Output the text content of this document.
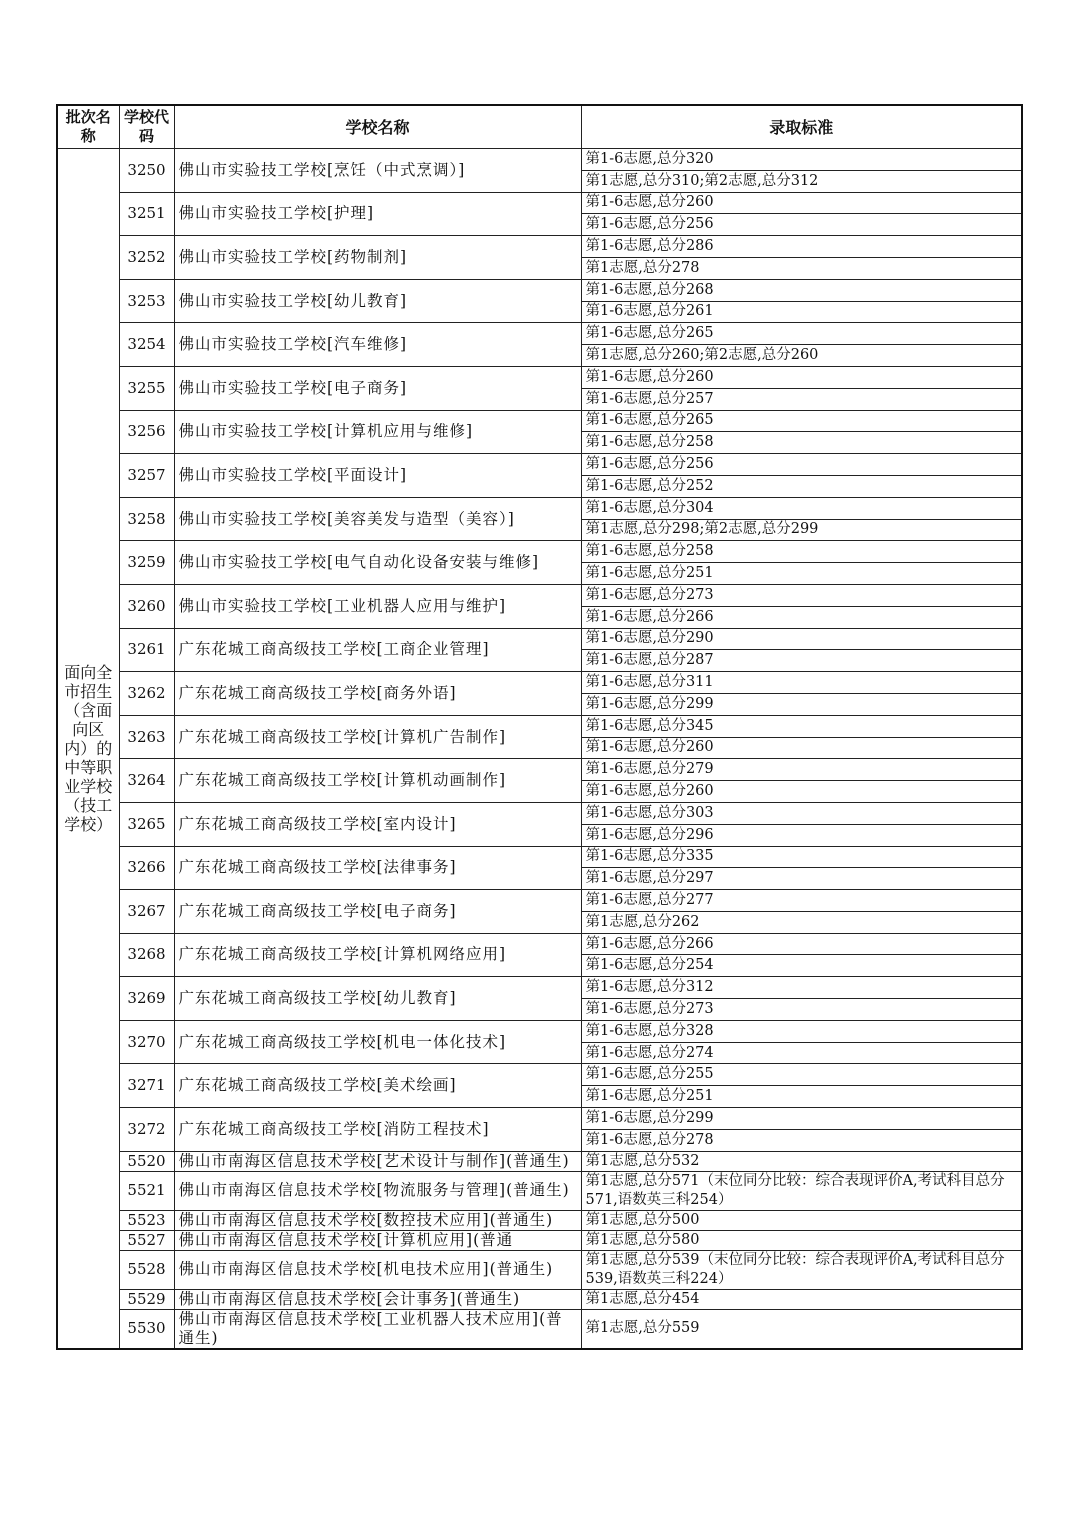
批次名称	学校代码	学校名称	录取标准
面向全市招生（含面向区内）的中等职业学校（技工学校）	3250	佛山市实验技工学校[烹饪（中式烹调）]	第1-6志愿,总分320
			第1志愿,总分310;第2志愿,总分312
	3251	佛山市实验技工学校[护理]	第1-6志愿,总分260
			第1-6志愿,总分256
	3252	佛山市实验技工学校[药物制剂]	第1-6志愿,总分286
			第1志愿,总分278
	3253	佛山市实验技工学校[幼儿教育]	第1-6志愿,总分268
			第1-6志愿,总分261
	3254	佛山市实验技工学校[汽车维修]	第1-6志愿,总分265
			第1志愿,总分260;第2志愿,总分260
	3255	佛山市实验技工学校[电子商务]	第1-6志愿,总分260
			第1-6志愿,总分257
	3256	佛山市实验技工学校[计算机应用与维修]	第1-6志愿,总分265
			第1-6志愿,总分258
	3257	佛山市实验技工学校[平面设计]	第1-6志愿,总分256
			第1-6志愿,总分252
	3258	佛山市实验技工学校[美容美发与造型（美容）]	第1-6志愿,总分304
			第1志愿,总分298;第2志愿,总分299
	3259	佛山市实验技工学校[电气自动化设备安装与维修]	第1-6志愿,总分258
			第1-6志愿,总分251
	3260	佛山市实验技工学校[工业机器人应用与维护]	第1-6志愿,总分273
			第1-6志愿,总分266
	3261	广东花城工商高级技工学校[工商企业管理]	第1-6志愿,总分290
			第1-6志愿,总分287
	3262	广东花城工商高级技工学校[商务外语]	第1-6志愿,总分311
			第1-6志愿,总分299
	3263	广东花城工商高级技工学校[计算机广告制作]	第1-6志愿,总分345
			第1-6志愿,总分260
	3264	广东花城工商高级技工学校[计算机动画制作]	第1-6志愿,总分279
			第1-6志愿,总分260
	3265	广东花城工商高级技工学校[室内设计]	第1-6志愿,总分303
			第1-6志愿,总分296
	3266	广东花城工商高级技工学校[法律事务]	第1-6志愿,总分335
			第1-6志愿,总分297
	3267	广东花城工商高级技工学校[电子商务]	第1-6志愿,总分277
			第1志愿,总分262
	3268	广东花城工商高级技工学校[计算机网络应用]	第1-6志愿,总分266
			第1-6志愿,总分254
	3269	广东花城工商高级技工学校[幼儿教育]	第1-6志愿,总分312
			第1-6志愿,总分273
	3270	广东花城工商高级技工学校[机电一体化技术]	第1-6志愿,总分328
			第1-6志愿,总分274
	3271	广东花城工商高级技工学校[美术绘画]	第1-6志愿,总分255
			第1-6志愿,总分251
	3272	广东花城工商高级技工学校[消防工程技术]	第1-6志愿,总分299
			第1-6志愿,总分278
	5520	佛山市南海区信息技术学校[艺术设计与制作](普通生)	第1志愿,总分532
	5521	佛山市南海区信息技术学校[物流服务与管理](普通生)	第1志愿,总分571（末位同分比较：综合表现评价A,考试科目总分571,语数英三科254）
	5523	佛山市南海区信息技术学校[数控技术应用](普通生)	第1志愿,总分500
	5527	佛山市南海区信息技术学校[计算机应用](普通	第1志愿,总分580
	5528	佛山市南海区信息技术学校[机电技术应用](普通生)	第1志愿,总分539（末位同分比较：综合表现评价A,考试科目总分539,语数英三科224）
	5529	佛山市南海区信息技术学校[会计事务](普通生)	第1志愿,总分454
	5530	佛山市南海区信息技术学校[工业机器人技术应用](普通生)	第1志愿,总分559
